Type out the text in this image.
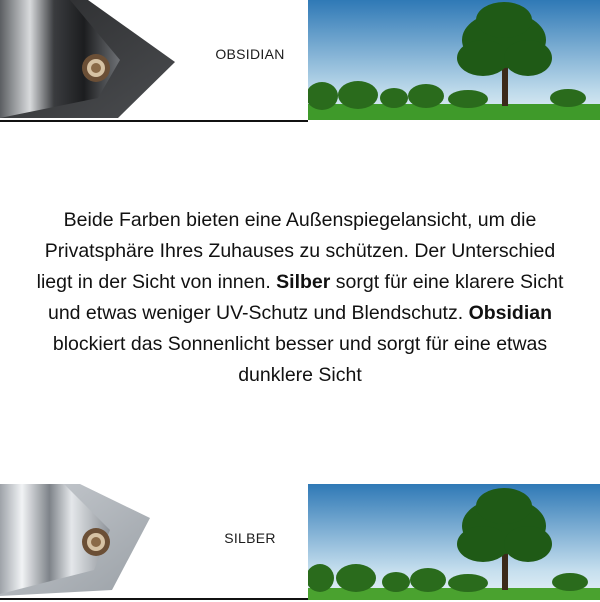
OBSIDIAN
Beide Farben bieten eine Außenspiegelansicht, um die Privatsphäre Ihres Zuhauses zu schützen. Der Unterschied liegt in der Sicht von innen. Silber sorgt für eine klarere Sicht und etwas weniger UV-Schutz und Blendschutz. Obsidian blockiert das Sonnenlicht besser und sorgt für eine etwas dunklere Sicht
SILBER
